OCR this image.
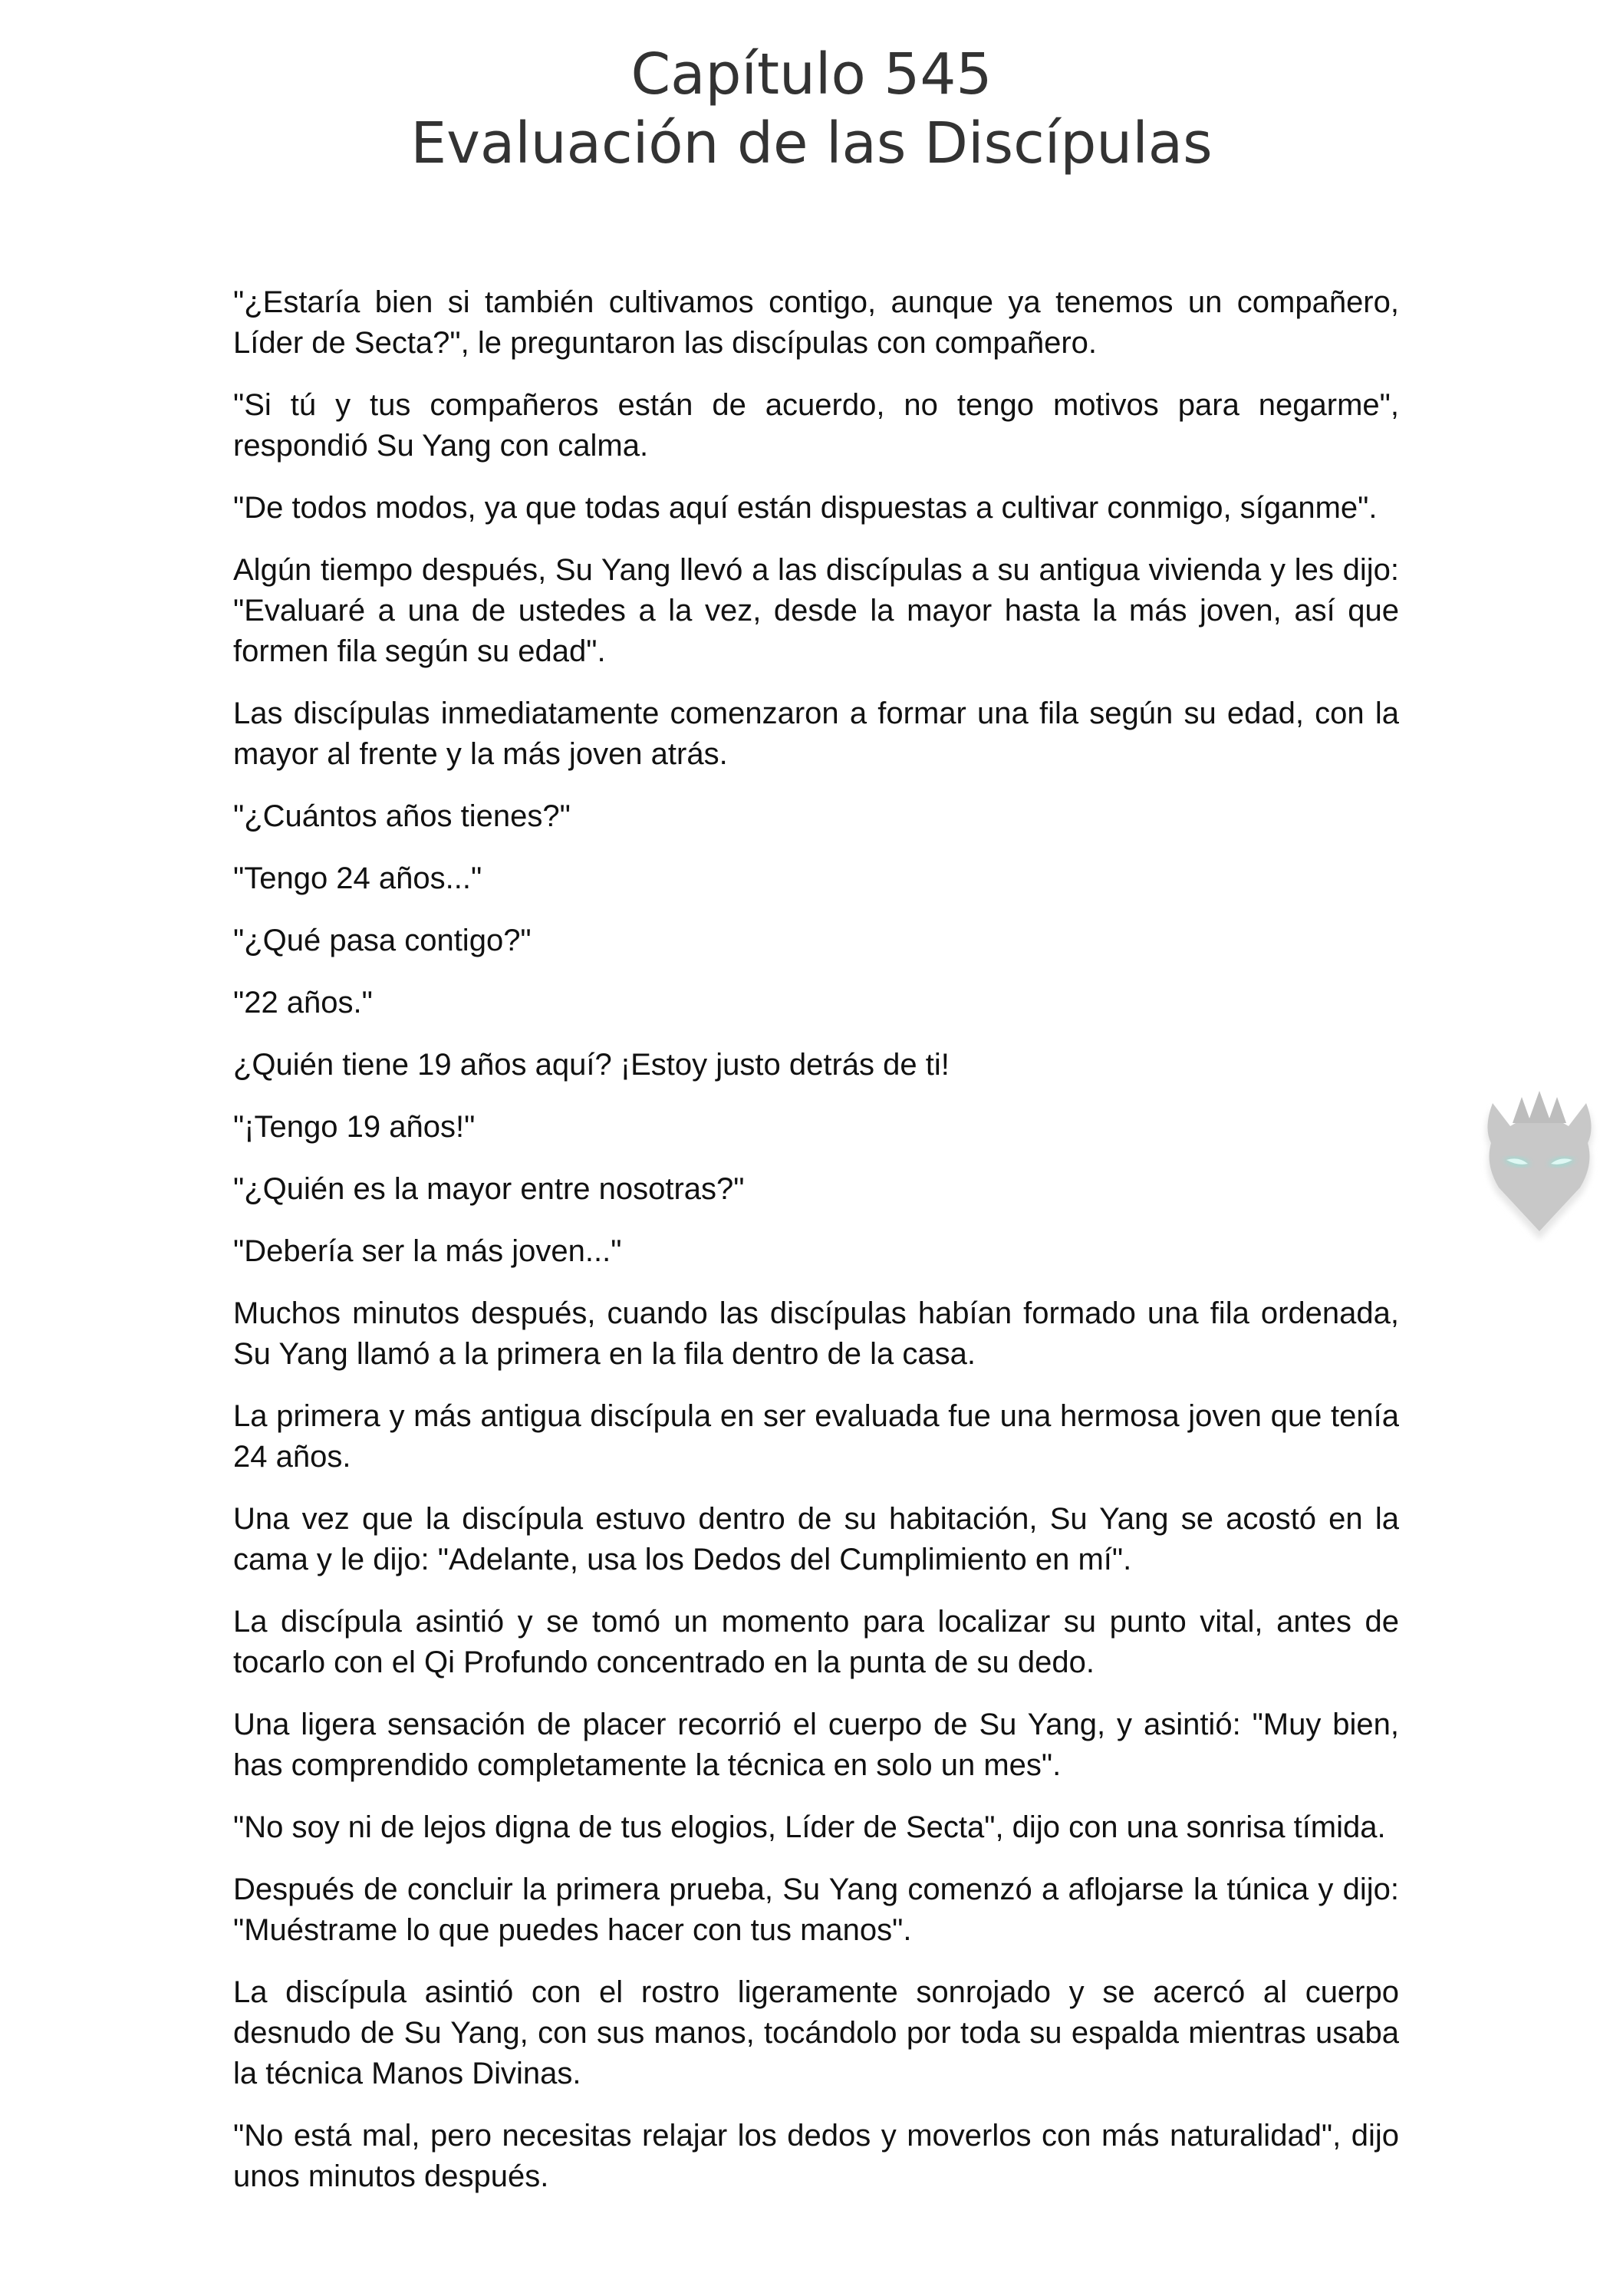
Capítulo 545
Evaluación de las Discípulas

"¿Estaría bien si también cultivamos contigo, aunque ya tenemos un compañero, Líder de Secta?", le preguntaron las discípulas con compañero.

"Si tú y tus compañeros están de acuerdo, no tengo motivos para negarme", respondió Su Yang con calma.

"De todos modos, ya que todas aquí están dispuestas a cultivar conmigo, síganme".

Algún tiempo después, Su Yang llevó a las discípulas a su antigua vivienda y les dijo: "Evaluaré a una de ustedes a la vez, desde la mayor hasta la más joven, así que formen fila según su edad".

Las discípulas inmediatamente comenzaron a formar una fila según su edad, con la mayor al frente y la más joven atrás.

"¿Cuántos años tienes?"

"Tengo 24 años..."

"¿Qué pasa contigo?"

"22 años."

¿Quién tiene 19 años aquí? ¡Estoy justo detrás de ti!

"¡Tengo 19 años!"

"¿Quién es la mayor entre nosotras?"

"Debería ser la más joven..."

Muchos minutos después, cuando las discípulas habían formado una fila ordenada, Su Yang llamó a la primera en la fila dentro de la casa.

La primera y más antigua discípula en ser evaluada fue una hermosa joven que tenía 24 años.

Una vez que la discípula estuvo dentro de su habitación, Su Yang se acostó en la cama y le dijo: "Adelante, usa los Dedos del Cumplimiento en mí".

La discípula asintió y se tomó un momento para localizar su punto vital, antes de tocarlo con el Qi Profundo concentrado en la punta de su dedo.

Una ligera sensación de placer recorrió el cuerpo de Su Yang, y asintió: "Muy bien, has comprendido completamente la técnica en solo un mes".

"No soy ni de lejos digna de tus elogios, Líder de Secta", dijo con una sonrisa tímida.

Después de concluir la primera prueba, Su Yang comenzó a aflojarse la túnica y dijo: "Muéstrame lo que puedes hacer con tus manos".

La discípula asintió con el rostro ligeramente sonrojado y se acercó al cuerpo desnudo de Su Yang, con sus manos, tocándolo por toda su espalda mientras usaba la técnica Manos Divinas.

"No está mal, pero necesitas relajar los dedos y moverlos con más naturalidad", dijo unos minutos después.
